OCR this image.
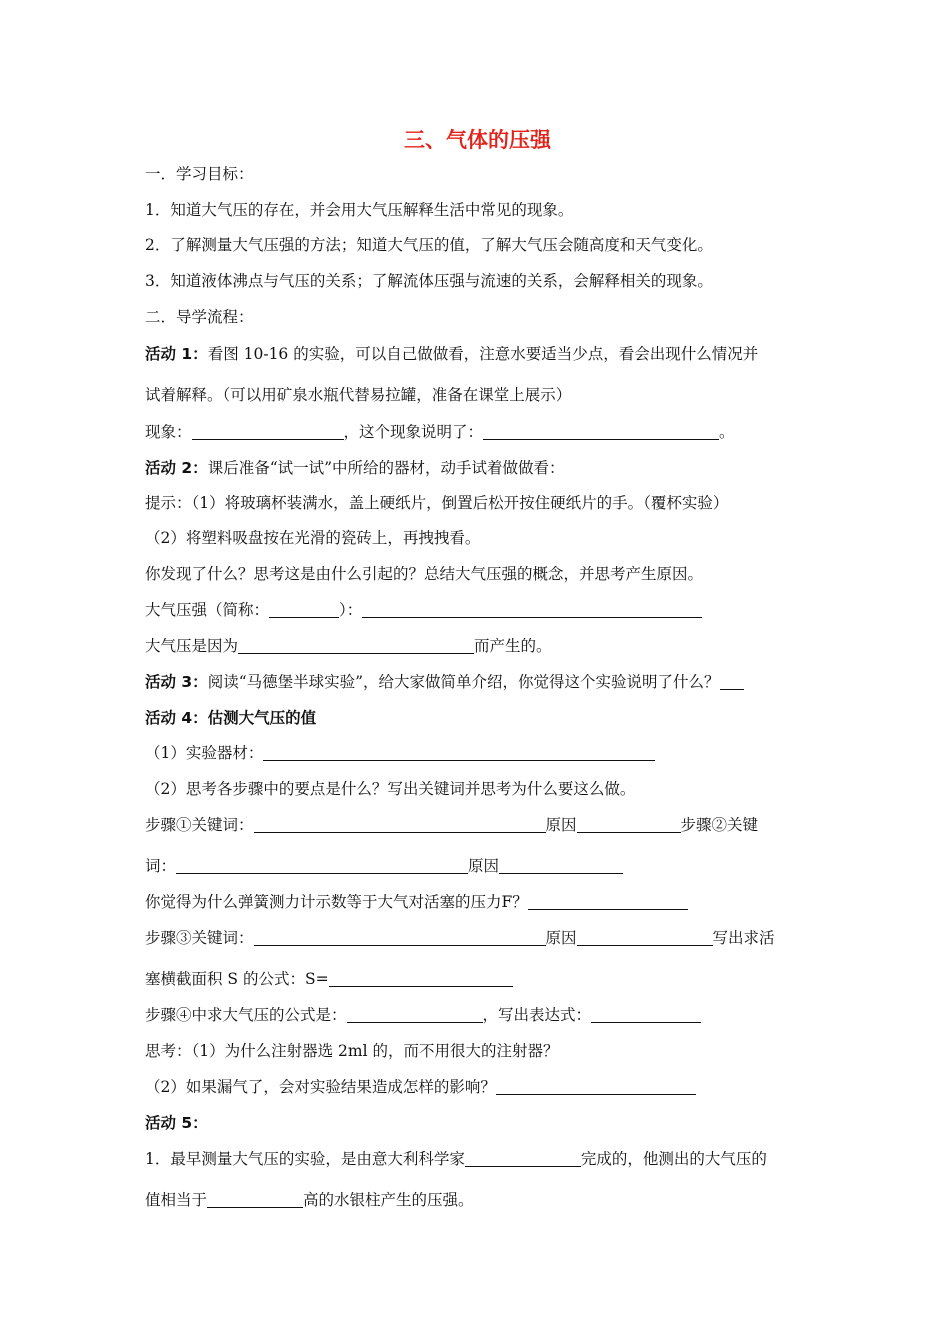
三、气体的压强
一．学习目标：
1．知道大气压的存在，并会用大气压解释生活中常见的现象。
2．了解测量大气压强的方法；知道大气压的值，了解大气压会随高度和天气变化。
3．知道液体沸点与气压的关系；了解流体压强与流速的关系，会解释相关的现象。
二．导学流程：
活动 1：看图 10-16 的实验，可以自己做做看，注意水要适当少点，看会出现什么情况并
试着解释。（可以用矿泉水瓶代替易拉罐，准备在课堂上展示）
现象：	，这个现象说明了：	。
活动 2：课后准备“试一试”中所给的器材，动手试着做做看：
提示：（1）将玻璃杯装满水，盖上硬纸片，倒置后松开按住硬纸片的手。（覆杯实验）
（2）将塑料吸盘按在光滑的瓷砖上，再拽拽看。
你发现了什么？思考这是由什么引起的？总结大气压强的概念，并思考产生原因。
大气压强（简称：	）：
大气压是因为	而产生的。
活动 3：阅读“马德堡半球实验”，给大家做简单介绍，你觉得这个实验说明了什么？
活动 4：估测大气压的值
（1）实验器材：
（2）思考各步骤中的要点是什么？写出关键词并思考为什么要这么做。
步骤①关键词：	原因	步骤②关键
词：	原因
你觉得为什么弹簧测力计示数等于大气对活塞的压力F？
步骤③关键词：	原因	写出求活
塞横截面积 S 的公式：S=
步骤④中求大气压的公式是：	，写出表达式：
思考：（1）为什么注射器选 2ml 的，而不用很大的注射器？
（2）如果漏气了，会对实验结果造成怎样的影响？
活动 5：
1．最早测量大气压的实验，是由意大利科学家	完成的，他测出的大气压的
值相当于	高的水银柱产生的压强。
